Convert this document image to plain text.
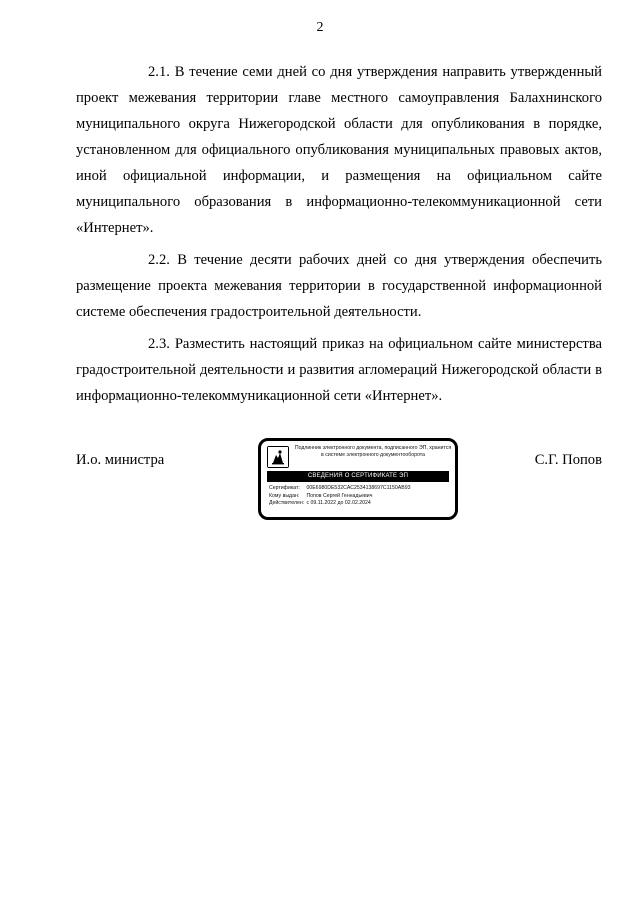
2

2.1. В течение семи дней со дня утверждения направить утвержденный проект межевания территории главе местного самоуправления Балахнинского муниципального округа Нижегородской области для опубликования в порядке, установленном для официального опубликования муниципальных правовых актов, иной официальной информации, и размещения на официальном сайте муниципального образования в информационно-телекоммуникационной сети «Интернет».

2.2. В течение десяти рабочих дней со дня утверждения обеспечить размещение проекта межевания территории в государственной информационной системе обеспечения градостроительной деятельности.

2.3. Разместить настоящий приказ на официальном сайте министерства градостроительной деятельности и развития агломераций Нижегородской области в информационно-телекоммуникационной сети «Интернет».

И.о. министра
Подлинник электронного документа, подписанного ЭП, хранится в системе электронного документооборота
СВЕДЕНИЯ О СЕРТИФИКАТЕ ЭП
Сертификат: 00E6980DE532CAC2534138697C1150AB93
Кому выдан: Попов Сергей Геннадьевич
Действителен: с 09.11.2022 до 02.02.2024
С.Г. Попов
